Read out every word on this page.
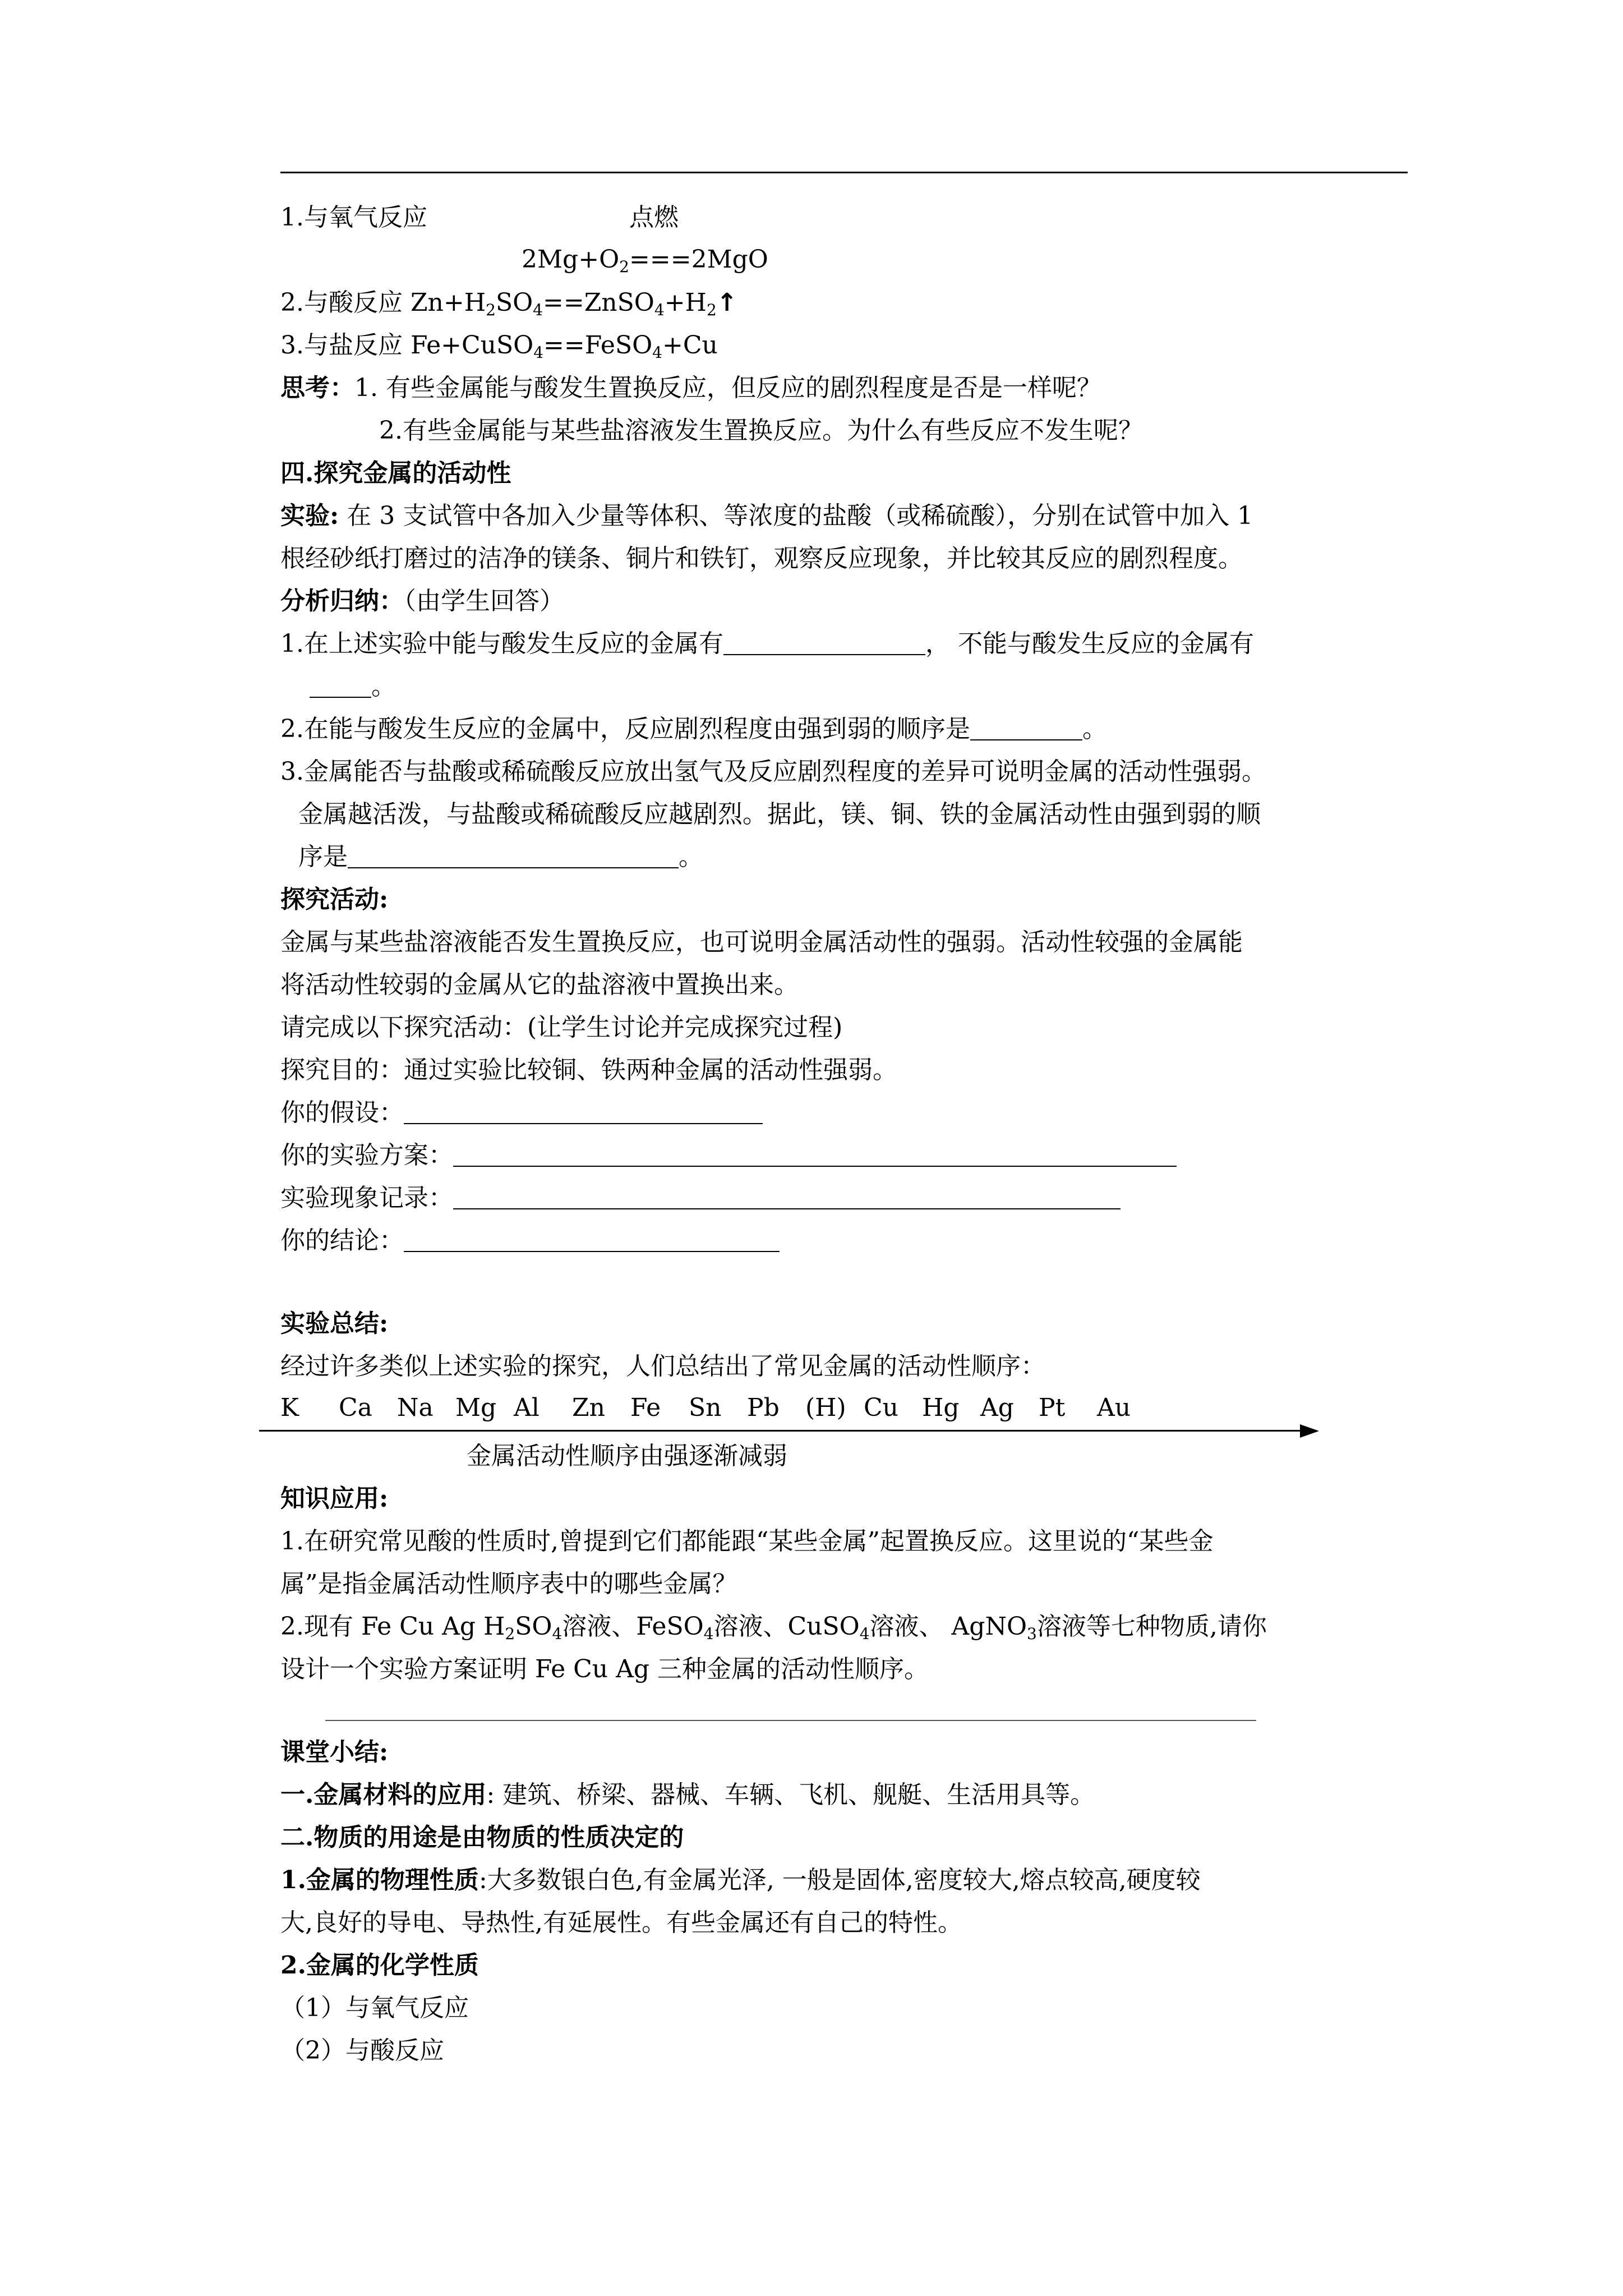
1.与氧气反应	点燃
$2Mg+O_2===2MgO$
2.与酸反应 $Zn+H_2SO_4==ZnSO_4+H_2↑$
3.与盐反应 Fe+CuSO$_4$==FeSO$_4$+Cu
思考：1. 有些金属能与酸发生置换反应，但反应的剧烈程度是否是一样呢？
2.有些金属能与某些盐溶液发生置换反应。为什么有些反应不发生呢？
四.探究金属的活动性
实验: 在 3 支试管中各加入少量等体积、等浓度的盐酸（或稀硫酸），分别在试管中加入 1
根经砂纸打磨过的洁净的镁条、铜片和铁钉，观察反应现象，并比较其反应的剧烈程度。
分析归纳：（由学生回答）
1.在上述实验中能与酸发生反应的金属有	， 不能与酸发生反应的金属有
。
2.在能与酸发生反应的金属中，反应剧烈程度由强到弱的顺序是	。
3.金属能否与盐酸或稀硫酸反应放出氢气及反应剧烈程度的差异可说明金属的活动性强弱。
金属越活泼，与盐酸或稀硫酸反应越剧烈。据此，镁、铜、铁的金属活动性由强到弱的顺
序是	。
探究活动:
金属与某些盐溶液能否发生置换反应，也可说明金属活动性的强弱。活动性较强的金属能
将活动性较弱的金属从它的盐溶液中置换出来。
请完成以下探究活动：(让学生讨论并完成探究过程)
探究目的：通过实验比较铜、铁两种金属的活动性强弱。
你的假设：
你的实验方案：
实验现象记录：
你的结论：
实验总结:
经过许多类似上述实验的探究，人们总结出了常见金属的活动性顺序：
K Ca Na Mg Al Zn Fe Sn Pb (H) Cu Hg Ag Pt Au
金属活动性顺序由强逐渐减弱
知识应用:
1.在研究常见酸的性质时,曾提到它们都能跟“某些金属”起置换反应。这里说的“某些金
属”是指金属活动性顺序表中的哪些金属？
2.现有 Fe Cu Ag $H_2SO_4$溶液、FeSO$_4$溶液、CuSO$_4$溶液、 AgNO$_3$溶液等七种物质,请你
设计一个实验方案证明 Fe Cu Ag 三种金属的活动性顺序。
课堂小结:
一.金属材料的应用: 建筑、桥梁、器械、车辆、飞机、舰艇、生活用具等。
二.物质的用途是由物质的性质决定的
1.金属的物理性质:大多数银白色,有金属光泽, 一般是固体,密度较大,熔点较高,硬度较
大,良好的导电、导热性,有延展性。有些金属还有自己的特性。
2.金属的化学性质
（1）与氧气反应
（2）与酸反应
